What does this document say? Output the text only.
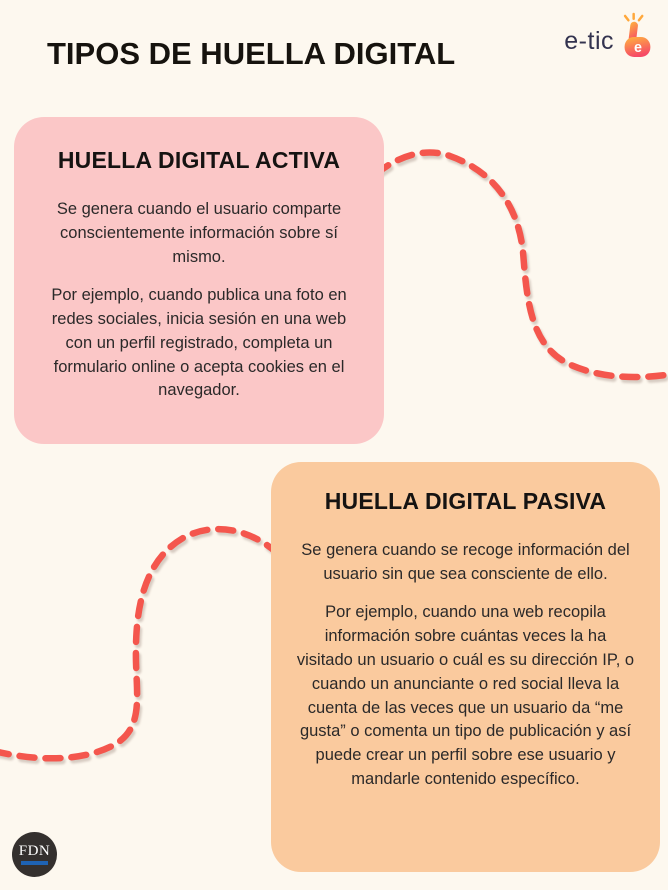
TIPOS DE HUELLA DIGITAL	e-tic e
HUELLA DIGITAL ACTIVA

Se genera cuando el usuario comparte conscientemente información sobre sí mismo.

Por ejemplo, cuando publica una foto en redes sociales, inicia sesión en una web con un perfil registrado, completa un formulario online o acepta cookies en el navegador.

HUELLA DIGITAL PASIVA

Se genera cuando se recoge información del usuario sin que sea consciente de ello.

Por ejemplo, cuando una web recopila información sobre cuántas veces la ha visitado un usuario o cuál es su dirección IP, o cuando un anunciante o red social lleva la cuenta de las veces que un usuario da “me gusta” o comenta un tipo de publicación y así puede crear un perfil sobre ese usuario y mandarle contenido específico.

FDN
